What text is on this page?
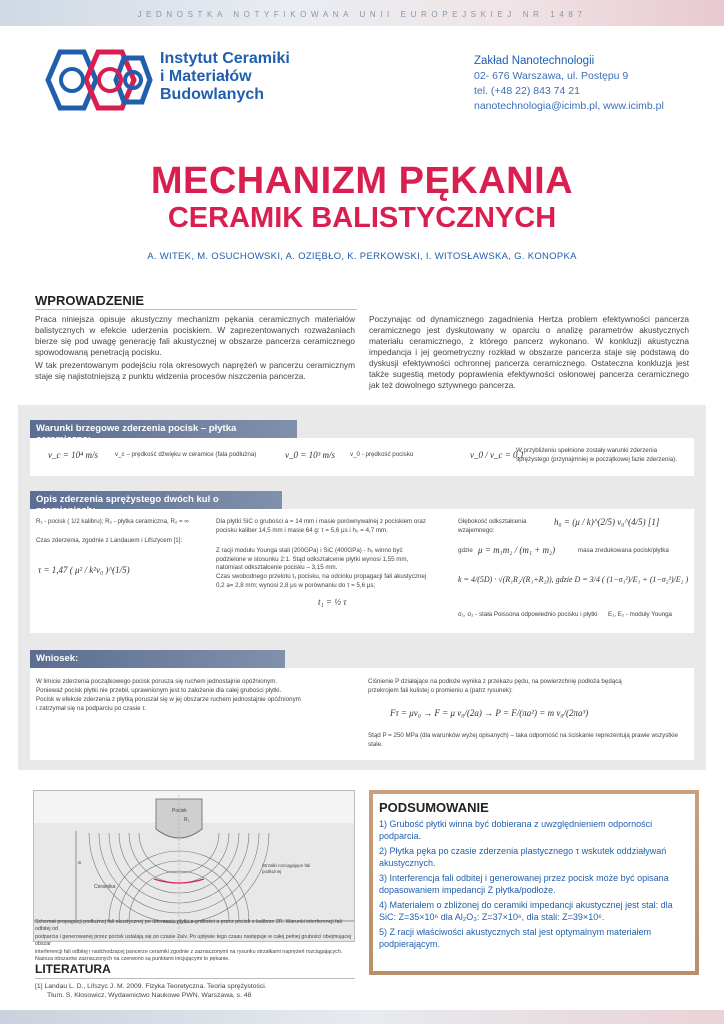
JEDNOSTKA NOTYFIKOWANA UNII EUROPEJSKIEJ NR 1487
Instytut Ceramiki
i Materiałów
Budowlanych
Zakład Nanotechnologii
02- 676 Warszawa, ul. Postępu 9
tel. (+48 22) 843 74 21
nanotechnologia@icimb.pl, www.icimb.pl
MECHANIZM PĘKANIA
CERAMIK BALISTYCZNYCH
A. WITEK, M. OSUCHOWSKI, A. OZIĘBŁO, K. PERKOWSKI, I. WITOSŁAWSKA, G. KONOPKA
WPROWADZENIE
Praca niniejsza opisuje akustyczny mechanizm pękania ceramicznych materiałów balistycznych w efekcie uderzenia pociskiem. W zaprezentowanych rozważaniach bierze się pod uwagę generację fali akustycznej w obszarze pancerza ceramicznego spowodowaną penetracją pocisku.
W tak prezentowanym podejściu rola okresowych naprężeń w pancerzu ceramicznym staje się najistotniejszą z punktu widzenia procesów niszczenia pancerza.
Poczynając od dynamicznego zagadnienia Hertza problem efektywności pancerza ceramicznego jest dyskutowany w oparciu o analizę parametrów akustycznych materiału ceramicznego, z którego pancerz wykonano. W konkluzji akustyczna impedancja i jej geometryczny rozkład w obszarze pancerza staje się podstawą do dyskusji efektywności ochronnej pancerza ceramicznego. Ostateczna konkluzja jest także sugestią metody poprawienia efektywności osłonowej pancerza ceramicznego jak też dowolnego sztywnego pancerza.
Warunki brzegowe zderzenia pocisk – płytka
v_c = 10⁴ m/s	v_c – prędkość dźwięku w ceramice (fala podłużna)	v_0 = 10³ m/s v_0 - prędkość pocisku	v_0 / v_c = 0,1
W przybliżeniu spełnione zostały warunki zderzenia sprężystego (przynajmniej w początkowej fazie zderzenia).
Opis zderzenia sprężystego dwóch kul o
R₁ - pocisk ( 1/2 kalibru); R₂ - płytka ceramiczna, R₂ = ∞
Czas zderzenia, zgodnie z Landauem i Lifszycem [1]:
τ = 1,47 ( μ² / k²v₀ )^(1/5)
Dla płytki SiC o grubości a = 14 mm i masie porównywalnej z pociskiem oraz pocisku kaliber 14,5 mm i masie 64 g: τ = 5,6 μs i h₀ = 4,7 mm.
Z racji modułu Younga stali (200GPa) i SiC (400GPa) - h₀ winno być podzielone w stosunku 2:1. Stąd odkształcenie płytki wynosi 1,55 mm, natomiast odkształcenie pocisku – 3,15 mm.
Czas swobodnego przelotu t₁ pocisku, na odcinku propagacji fali akustycznej 0,2 a= 2,8 mm; wynosi 2,8 μs w porównaniu do τ = 5,6 μs;
t₁ = ½ τ
Głębokość odkształcenia wzajemnego:
h₀ = (μ / k)^(2/5) v₀^(4/5) [1]
gdzie μ = m₁m₂ / (m₁ + m₂)	masa zredukowana pocisk/płytka
k = 4/(5D) · √(R₁R₂/(R₁+R₂)), gdzie D = 3/4 ( (1−σ₁²)/E₁ + (1−σ₂²)/E₂ )
σ₁, σ₂ - stała Poissona odpowiednio pocisku i płytki	E₁, E₂ - moduły Younga
Wniosek:
W limicie zderzenia początkowego pocisk porusza się ruchem jednostajnie opóźnionym.
Ponieważ pocisk płytki nie przebił, uprawnionym jest to założenie dla całej grubości płytki.
Pocisk w efekcie zderzenia z płytką poruszał się w jej obszarze ruchem jednostajnie opóźnionym
i zatrzymał się na podparciu po czasie τ.
Ciśnienie P działające na podłoże wynika z przekazu pędu, na powierzchnię podłoża będącą
przekrojem fali kulistej o promieniu a (patrz rysunek):
Fτ = μv₀ → F = μ v₀/(2a) → P = F/(πa²) = m v₀/(2πa³)
Stąd P = 250 MPa (dla warunków wyżej opisanych) – taka odporność na ściskanie reprezentują prawie wszystkie stale.
Pocisk
R₁
Strzałki rozciągające fali podłużnej
Ceramika
a
Schemat propagacji podłużnej fali akustycznej po uderzeniu płytki o grubości a przez pocisk o kalibrze 2R. Warunki interferencji fali odbitej od
podparcia i generowanej przez pocisk ustalają się po czasie 2a/v. Po upływie tego czasu następuje w całej pełnej grubości obejmującej obszar
interferencji fali odbitej i nadchodzącej pancerze ceramiki zgodnie z zaznaczonymi na rysunku strzałkami naprężeń rozciągających.
Nazoza obszarów zaznaczonych na czerwono są punktami inicjującymi to pękanie.
PODSUMOWANIE
1) Grubość płytki winna być dobierana z uwzględnieniem odporności podparcia.
2) Płytka pęka po czasie zderzenia plastycznego τ wskutek oddziaływań akustycznych.
3) Interferencja fali odbitej i generowanej przez pocisk może być opisana dopasowaniem impedancji Z płytka/podłoże.
4) Materiałem o zbliżonej do ceramiki impedancji akustycznej jest stal: dla SiC: Z=35×10⁶ dla Al₂O₃: Z=37×10⁶, dla stali: Z=39×10⁶.
5) Z racji właściwości akustycznych stal jest optymalnym materiałem podpierającym.
LITERATURA
[1] Landau L. D., Lifszyc J. M. 2009. Fizyka Teoretyczna. Teoria sprężystości.
Tłum. S. Kłosowicz, Wydawnictwo Naukowe PWN, Warszawa, s. 48
